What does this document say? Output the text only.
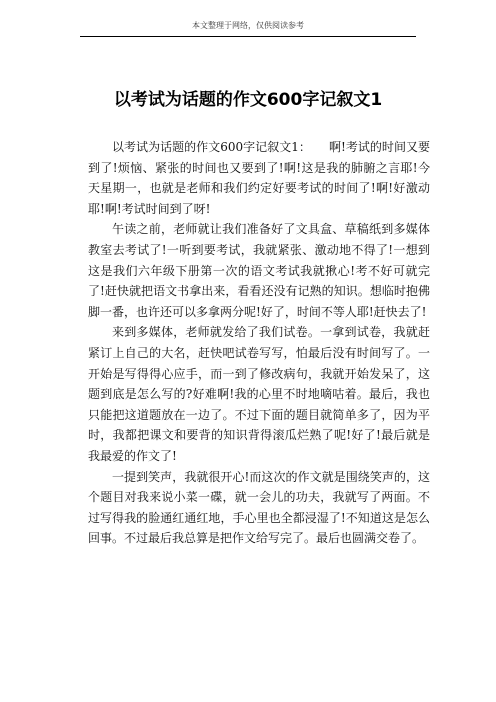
本文整理于网络，仅供阅读参考
以考试为话题的作文600字记叙文1

以考试为话题的作文600字记叙文1：　　啊!考试的时间又要到了!烦恼、紧张的时间也又要到了!啊!这是我的肺腑之言耶!今天星期一，也就是老师和我们约定好要考试的时间了!啊!好激动耶!啊!考试时间到了呀!

午读之前，老师就让我们准备好了文具盒、草稿纸到多媒体教室去考试了!一听到要考试，我就紧张、激动地不得了!一想到这是我们六年级下册第一次的语文考试我就揪心!考不好可就完了!赶快就把语文书拿出来，看看还没有记熟的知识。想临时抱佛脚一番，也许还可以多拿两分呢!好了，时间不等人耶!赶快去了!

来到多媒体，老师就发给了我们试卷。一拿到试卷，我就赶紧订上自己的大名，赶快吧试卷写写，怕最后没有时间写了。一开始是写得得心应手，而一到了修改病句，我就开始发呆了，这题到底是怎么写的?好难啊!我的心里不时地嘀咕着。最后，我也只能把这道题放在一边了。不过下面的题目就简单多了，因为平时，我都把课文和要背的知识背得滚瓜烂熟了呢!好了!最后就是我最爱的作文了!

一提到笑声，我就很开心!而这次的作文就是围绕笑声的，这个题目对我来说小菜一碟，就一会儿的功夫，我就写了两面。不过写得我的脸通红通红地，手心里也全都浸湿了!不知道这是怎么回事。不过最后我总算是把作文给写完了。最后也圆满交卷了。
